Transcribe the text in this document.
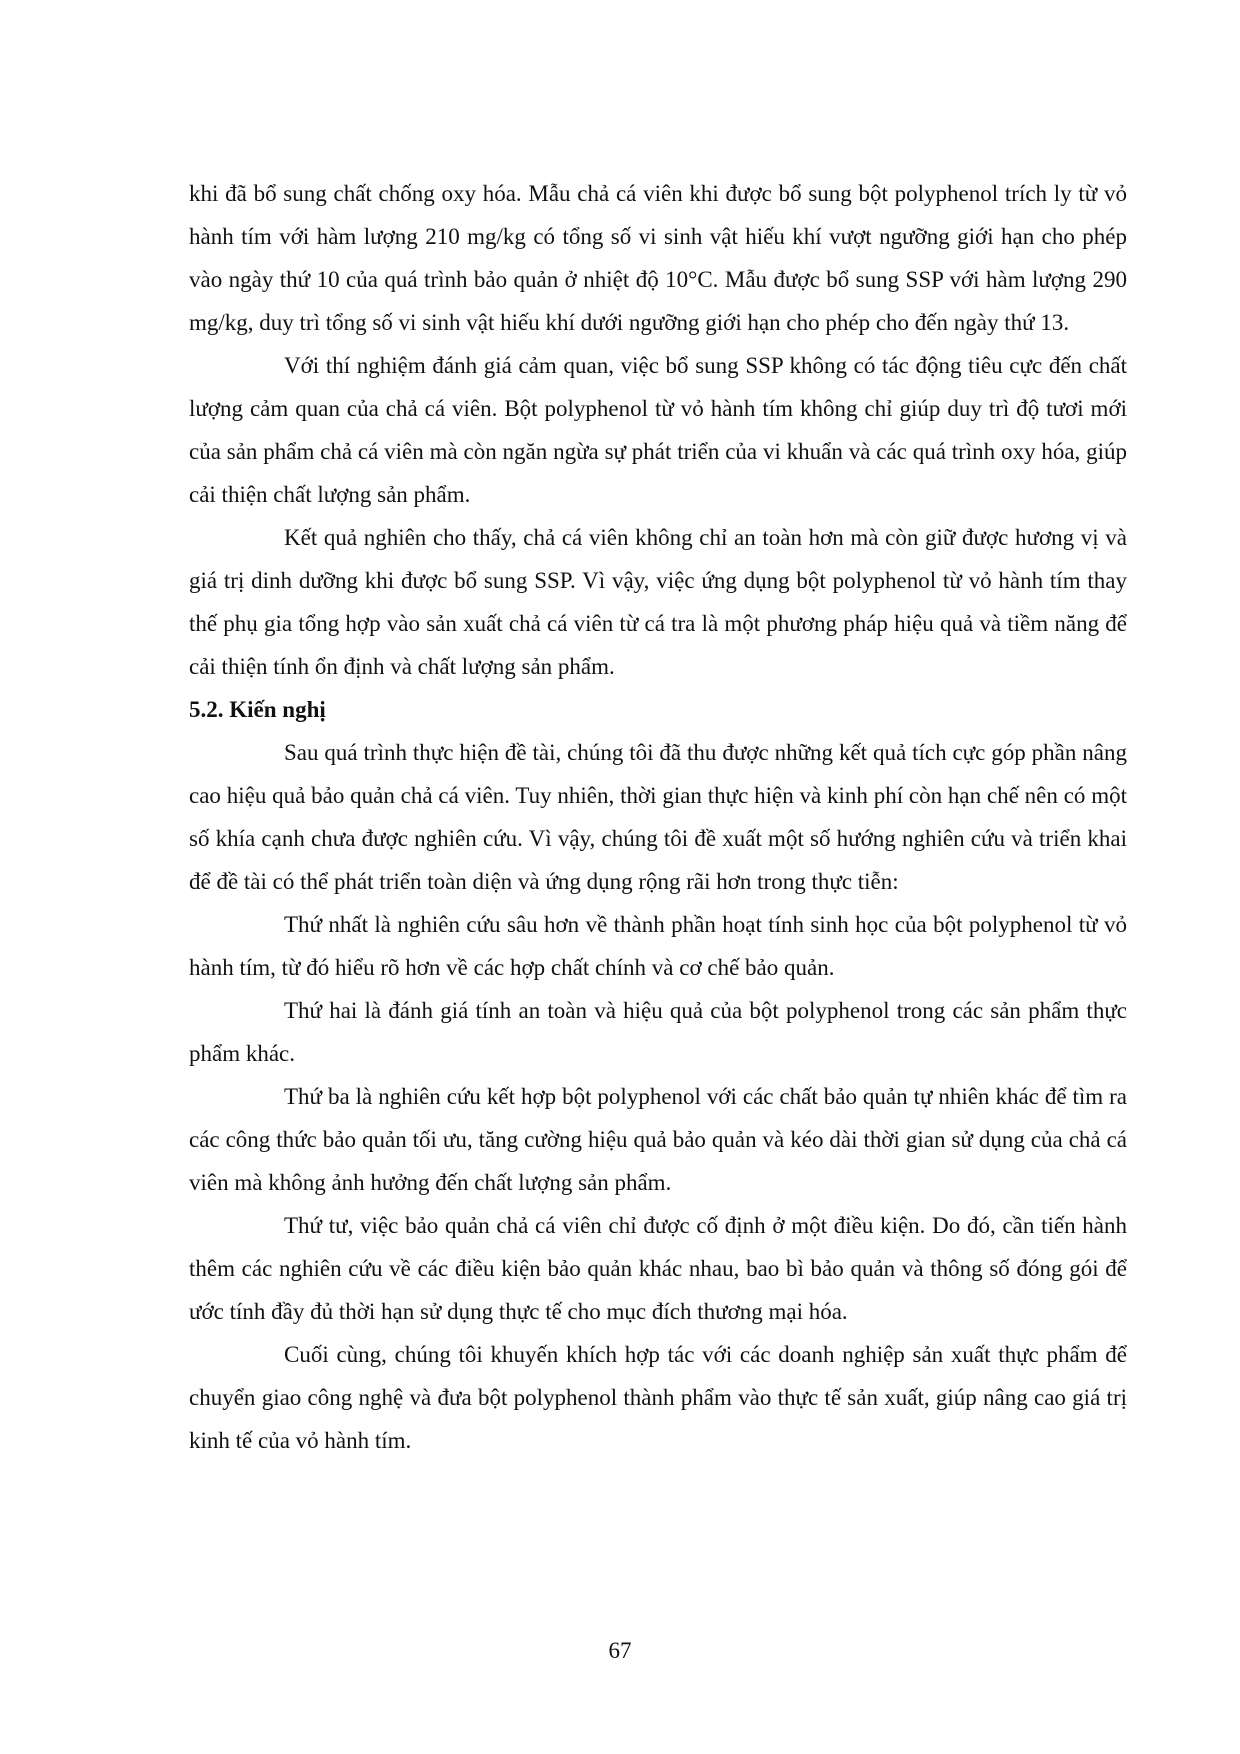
khi đã bổ sung chất chống oxy hóa. Mẫu chả cá viên khi được bổ sung bột polyphenol trích ly từ vỏ hành tím với hàm lượng 210 mg/kg có tổng số vi sinh vật hiếu khí vượt ngưỡng giới hạn cho phép vào ngày thứ 10 của quá trình bảo quản ở nhiệt độ 10°C. Mẫu được bổ sung SSP với hàm lượng 290 mg/kg, duy trì tổng số vi sinh vật hiếu khí dưới ngưỡng giới hạn cho phép cho đến ngày thứ 13.

Với thí nghiệm đánh giá cảm quan, việc bổ sung SSP không có tác động tiêu cực đến chất lượng cảm quan của chả cá viên. Bột polyphenol từ vỏ hành tím không chỉ giúp duy trì độ tươi mới của sản phẩm chả cá viên mà còn ngăn ngừa sự phát triển của vi khuẩn và các quá trình oxy hóa, giúp cải thiện chất lượng sản phẩm.

Kết quả nghiên cho thấy, chả cá viên không chỉ an toàn hơn mà còn giữ được hương vị và giá trị dinh dưỡng khi được bổ sung SSP. Vì vậy, việc ứng dụng bột polyphenol từ vỏ hành tím thay thế phụ gia tổng hợp vào sản xuất chả cá viên từ cá tra là một phương pháp hiệu quả và tiềm năng để cải thiện tính ổn định và chất lượng sản phẩm.

5.2. Kiến nghị

Sau quá trình thực hiện đề tài, chúng tôi đã thu được những kết quả tích cực góp phần nâng cao hiệu quả bảo quản chả cá viên. Tuy nhiên, thời gian thực hiện và kinh phí còn hạn chế nên có một số khía cạnh chưa được nghiên cứu. Vì vậy, chúng tôi đề xuất một số hướng nghiên cứu và triển khai để đề tài có thể phát triển toàn diện và ứng dụng rộng rãi hơn trong thực tiễn:

Thứ nhất là nghiên cứu sâu hơn về thành phần hoạt tính sinh học của bột polyphenol từ vỏ hành tím, từ đó hiểu rõ hơn về các hợp chất chính và cơ chế bảo quản.

Thứ hai là đánh giá tính an toàn và hiệu quả của bột polyphenol trong các sản phẩm thực phẩm khác.

Thứ ba là nghiên cứu kết hợp bột polyphenol với các chất bảo quản tự nhiên khác để tìm ra các công thức bảo quản tối ưu, tăng cường hiệu quả bảo quản và kéo dài thời gian sử dụng của chả cá viên mà không ảnh hưởng đến chất lượng sản phẩm.

Thứ tư, việc bảo quản chả cá viên chỉ được cố định ở một điều kiện. Do đó, cần tiến hành thêm các nghiên cứu về các điều kiện bảo quản khác nhau, bao bì bảo quản và thông số đóng gói để ước tính đầy đủ thời hạn sử dụng thực tế cho mục đích thương mại hóa.

Cuối cùng, chúng tôi khuyến khích hợp tác với các doanh nghiệp sản xuất thực phẩm để chuyển giao công nghệ và đưa bột polyphenol thành phẩm vào thực tế sản xuất, giúp nâng cao giá trị kinh tế của vỏ hành tím.

67
